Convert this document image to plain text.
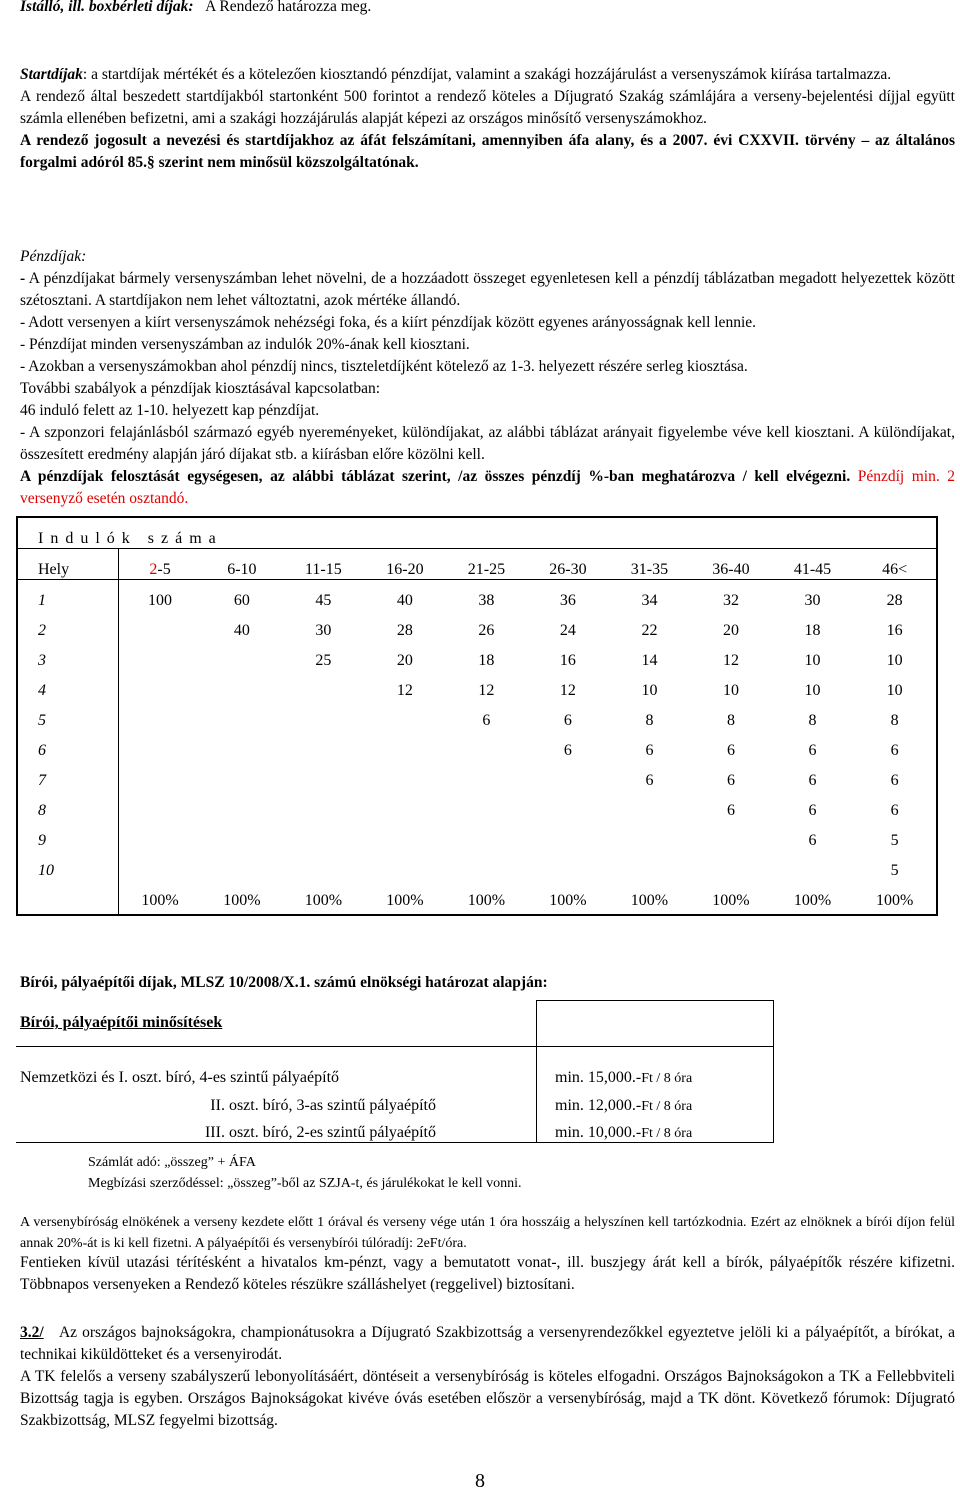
Istálló, ill. boxbérleti díjak: A Rendező határozza meg.

Startdíjak: a startdíjak mértékét és a kötelezően kiosztandó pénzdíjat, valamint a szakági hozzájárulást a versenyszámok kiírása tartalmazza.

A rendező által beszedett startdíjakból startonként 500 forintot a rendező köteles a Díjugrató Szakág számlájára a verseny-bejelentési díjjal együtt számla ellenében befizetni, ami a szakági hozzájárulás alapját képezi az országos minősítő versenyszámokhoz.

A rendező jogosult a nevezési és startdíjakhoz az áfát felszámítani, amennyiben áfa alany, és a 2007. évi CXXVII. törvény – az általános forgalmi adóról 85.§ szerint nem minősül közszolgáltatónak.

Pénzdíjak:

- A pénzdíjakat bármely versenyszámban lehet növelni, de a hozzáadott összeget egyenletesen kell a pénzdíj táblázatban megadott helyezettek között szétosztani. A startdíjakon nem lehet változtatni, azok mértéke állandó.

- Adott versenyen a kiírt versenyszámok nehézségi foka, és a kiírt pénzdíjak között egyenes arányosságnak kell lennie.

- Pénzdíjat minden versenyszámban az indulók 20%-ának kell kiosztani.

- Azokban a versenyszámokban ahol pénzdíj nincs, tiszteletdíjként kötelező az 1-3. helyezett részére serleg kiosztása.

További szabályok a pénzdíjak kiosztásával kapcsolatban:

46 induló felett az 1-10. helyezett kap pénzdíjat.

- A szponzori felajánlásból származó egyéb nyereményeket, különdíjakat, az alábbi táblázat arányait figyelembe véve kell kiosztani. A különdíjakat, összesített eredmény alapján járó díjakat stb. a kiírásban előre közölni kell.

A pénzdíjak felosztását egységesen, az alábbi táblázat szerint, /az összes pénzdíj %-ban meghatározva / kell elvégezni. Pénzdíj min. 2 versenyző esetén osztandó.

Indulók száma										
Hely	2-5	6-10	11-15	16-20	21-25	26-30	31-35	36-40	41-45	46<
1	100	60	45	40	38	36	34	32	30	28
2		40	30	28	26	24	22	20	18	16
3			25	20	18	16	14	12	10	10
4				12	12	12	10	10	10	10
5					6	6	8	8	8	8
6						6	6	6	6	6
7							6	6	6	6
8								6	6	6
9									6	5
10										5
	100%	100%	100%	100%	100%	100%	100%	100%	100%	100%
Bírói, pályaépítői díjak, MLSZ 10/2008/X.1. számú elnökségi határozat alapján:
Bírói, pályaépítői minősítések	
Nemzetközi és I. oszt. bíró, 4-es szintű pályaépítő	min. 15,000.-Ft / 8 óra
II. oszt. bíró, 3-as szintű pályaépítő	min. 12,000.-Ft / 8 óra
III. oszt. bíró, 2-es szintű pályaépítő	min. 10,000.-Ft / 8 óra

Számlát adó: „összeg” + ÁFA

Megbízási szerződéssel: „összeg”-ből az SZJA-t, és járulékokat le kell vonni.

A versenybíróság elnökének a verseny kezdete előtt 1 órával és verseny vége után 1 óra hosszáig a helyszínen kell tartózkodnia. Ezért az elnöknek a bírói díjon felül annak 20%-át is ki kell fizetni. A pályaépítői és versenybírói túlóradíj: 2eFt/óra.

Fentieken kívül utazási térítésként a hivatalos km-pénzt, vagy a bemutatott vonat-, ill. buszjegy árát kell a bírók, pályaépítők részére kifizetni. Többnapos versenyeken a Rendező köteles részükre szálláshelyet (reggelivel) biztosítani.

3.2/ Az országos bajnokságokra, championátusokra a Díjugrató Szakbizottság a versenyrendezőkkel egyeztetve jelöli ki a pályaépítőt, a bírókat, a technikai kiküldötteket és a versenyirodát.

A TK felelős a verseny szabályszerű lebonyolításáért, döntéseit a versenybíróság is köteles elfogadni. Országos Bajnokságokon a TK a Fellebbviteli Bizottság tagja is egyben. Országos Bajnokságokat kivéve óvás esetében először a versenybíróság, majd a TK dönt. Következő fórumok: Díjugrató Szakbizottság, MLSZ fegyelmi bizottság.

8
